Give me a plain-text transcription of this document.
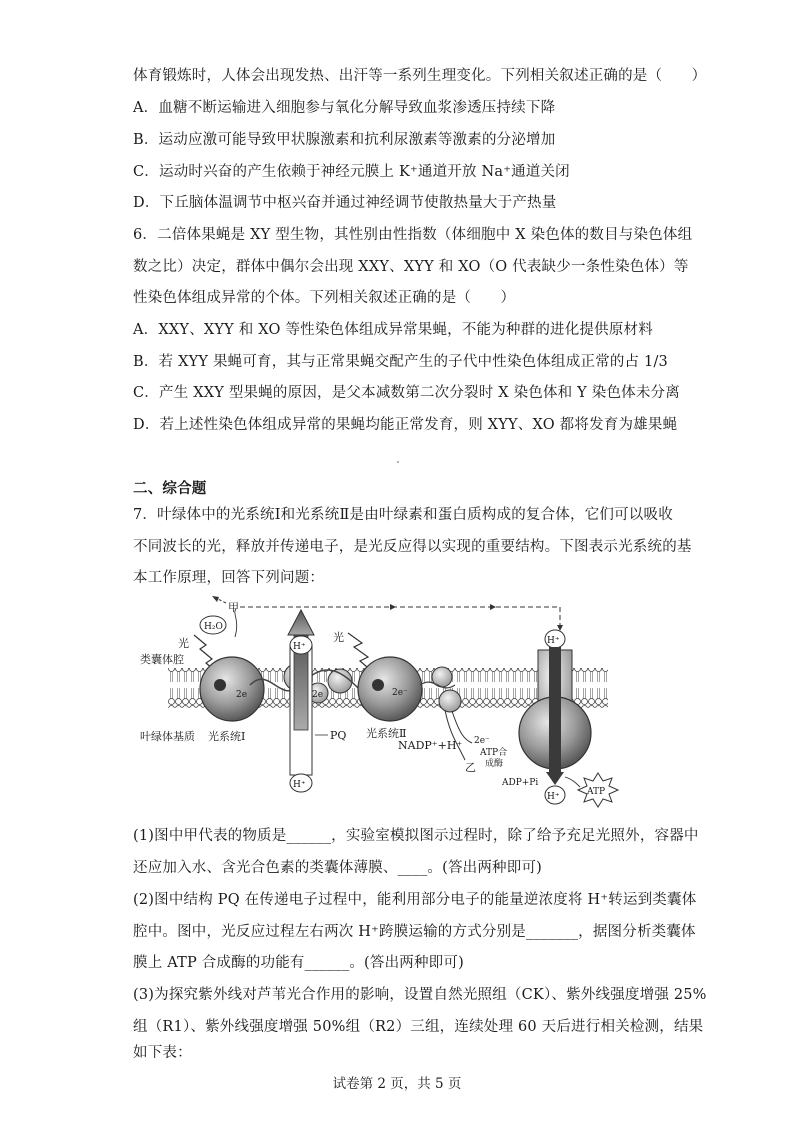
体育锻炼时，人体会出现发热、出汗等一系列生理变化。下列相关叙述正确的是（　　）
A．血糖不断运输进入细胞参与氧化分解导致血浆渗透压持续下降
B．运动应激可能导致甲状腺激素和抗利尿激素等激素的分泌增加
C．运动时兴奋的产生依赖于神经元膜上 K⁺通道开放 Na⁺通道关闭
D．下丘脑体温调节中枢兴奋并通过神经调节使散热量大于产热量
6．二倍体果蝇是 XY 型生物，其性别由性指数（体细胞中 X 染色体的数目与染色体组
数之比）决定，群体中偶尔会出现 XXY、XYY 和 XO（O 代表缺少一条性染色体）等
性染色体组成异常的个体。下列相关叙述正确的是（　　）
A．XXY、XYY 和 XO 等性染色体组成异常果蝇，不能为种群的进化提供原材料
B．若 XYY 果蝇可育，其与正常果蝇交配产生的子代中性染色体组成正常的占 1/3
C．产生 XXY 型果蝇的原因，是父本减数第二次分裂时 X 染色体和 Y 染色体未分离
D．若上述性染色体组成异常的果蝇均能正常发育，则 XYY、XO 都将发育为雄果蝇
二、综合题
7．叶绿体中的光系统Ⅰ和光系统Ⅱ是由叶绿素和蛋白质构成的复合体，它们可以吸收
不同波长的光，释放并传递电子，是光反应得以实现的重要结构。下图表示光系统的基
本工作原理，回答下列问题：
甲
H₂O
光
类囊体腔
2e	2e
H⁺
H⁺
PQ
光
2e⁻
乙
2e⁻
叶绿体基质 光系统Ⅰ	光系统Ⅱ
NADP⁺+H⁺
H⁺
H⁺
ATP合
成酶
ADP+Pi
ATP
(1)图中甲代表的物质是______，实验室模拟图示过程时，除了给予充足光照外，容器中
还应加入水、含光合色素的类囊体薄膜、____。(答出两种即可)
(2)图中结构 PQ 在传递电子过程中，能利用部分电子的能量逆浓度将 H⁺转运到类囊体
腔中。图中，光反应过程左右两次 H⁺跨膜运输的方式分别是_______，据图分析类囊体
膜上 ATP 合成酶的功能有______。(答出两种即可)
(3)为探究紫外线对芦苇光合作用的影响，设置自然光照组（CK）、紫外线强度增强 25%
组（R1）、紫外线强度增强 50%组（R2）三组，连续处理 60 天后进行相关检测，结果
如下表：
试卷第 2 页，共 5 页
